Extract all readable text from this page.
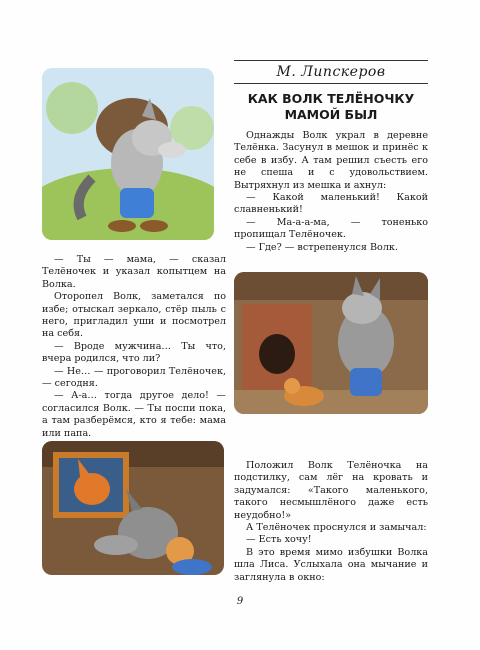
М. Липскеров
КАК ВОЛК ТЕЛЁНОЧКУ
МАМОЙ БЫЛ

Однажды Волк украл в деревне Телёнка. Засунул в мешок и принёс к себе в избу. А там решил съесть его не спеша и с удовольствием. Вытряхнул из мешка и ахнул:

— Какой маленький! Какой славненький!

— Ма-а-а-ма, — тоненько пропищал Телёночек.

— Где? — встрепенулся Волк.

— Ты — мама, — сказал Телёночек и указал копытцем на Волка.

Оторопел Волк, заметался по избе; отыскал зеркало, стёр пыль с него, пригладил уши и посмотрел на себя.

— Вроде мужчина… Ты что, вчера родился, что ли?

— Не… — проговорил Телёночек, — сегодня.

— А-а… тогда другое дело! — согласился Волк. — Ты поспи пока, а там разберёмся, кто я тебе: мама или папа.

Положил Волк Телёночка на подстилку, сам лёг на кровать и задумался: «Такого маленького, такого несмышлёного даже есть неудобно!»

А Телёночек проснулся и замычал:

— Есть хочу!

В это время мимо избушки Волка шла Лиса. Услыхала она мычание и заглянула в окно:

9
